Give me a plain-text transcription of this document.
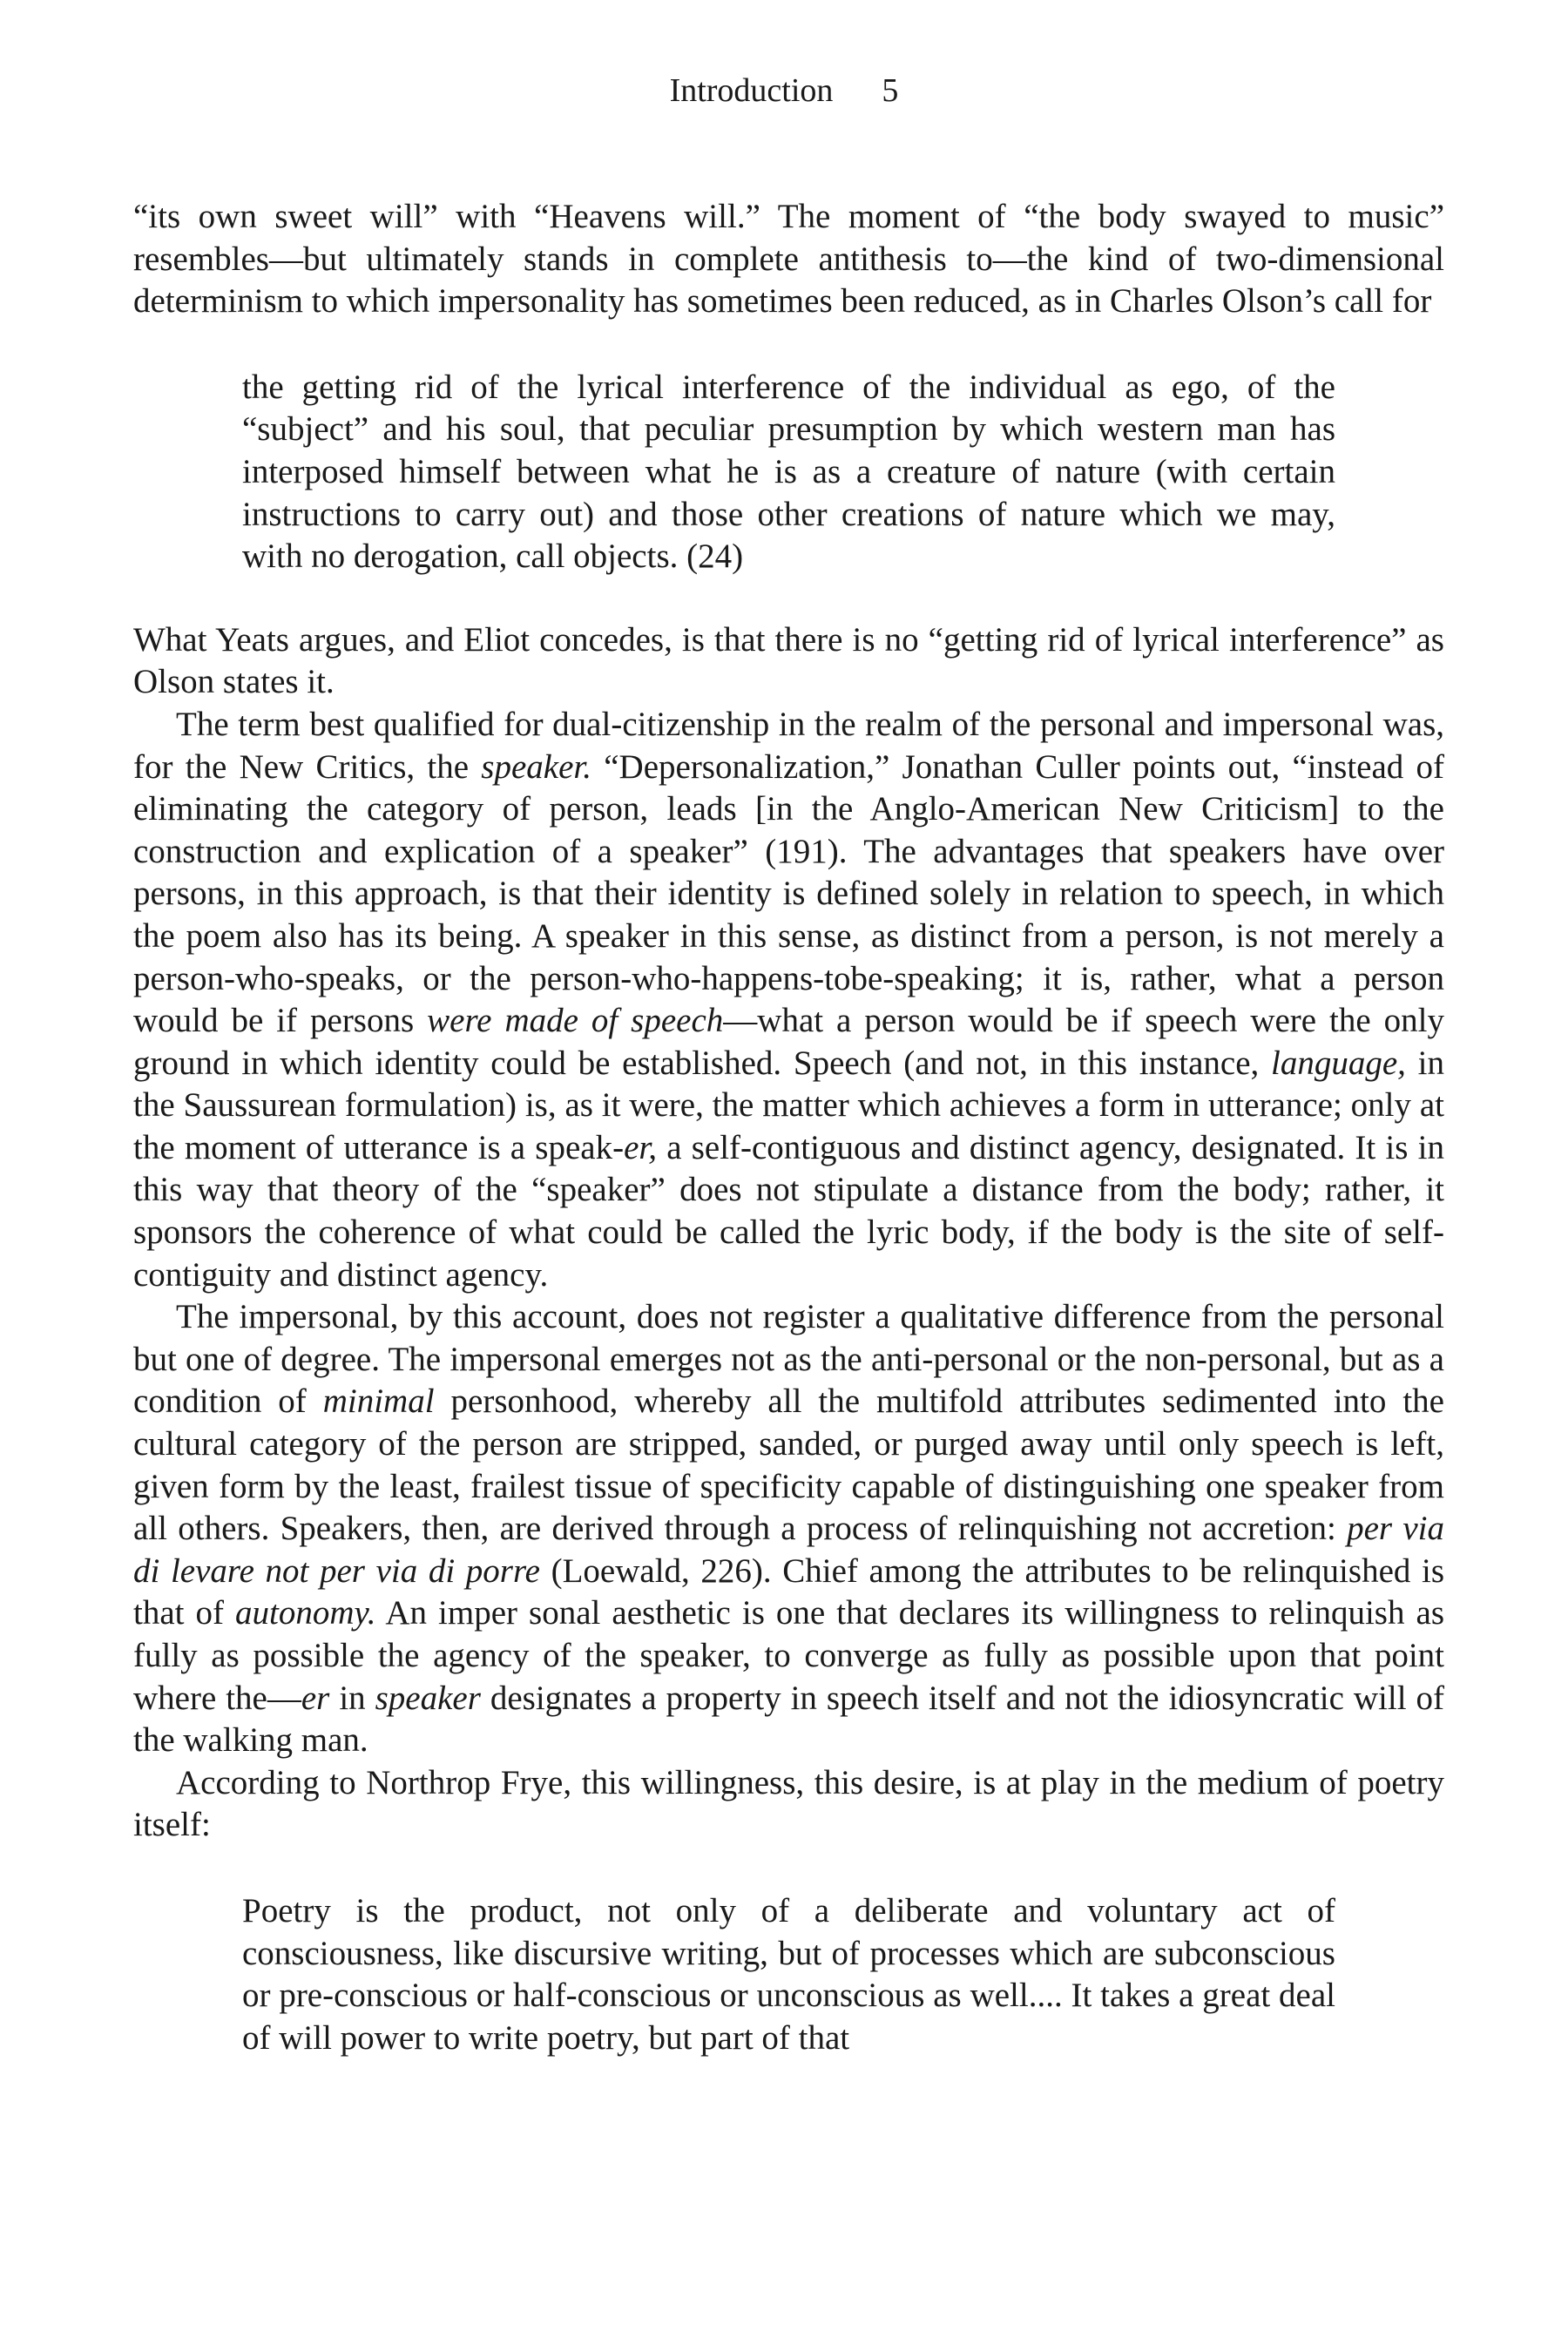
Introduction 5

“its own sweet will” with “Heavens will.” The moment of “the body swayed to music” resembles—but ultimately stands in complete antithesis to—the kind of two-dimensional determinism to which impersonality has sometimes been reduced, as in Charles Olson’s call for

the getting rid of the lyrical interference of the individual as ego, of the “subject” and his soul, that peculiar presumption by which western man has interposed himself between what he is as a creature of nature (with certain instructions to carry out) and those other creations of nature which we may, with no derogation, call objects. (24)

What Yeats argues, and Eliot concedes, is that there is no “getting rid of lyrical interference” as Olson states it.

The term best qualified for dual-citizenship in the realm of the personal and impersonal was, for the New Critics, the speaker. “Depersonalization,” Jonathan Culler points out, “instead of eliminating the category of person, leads [in the Anglo-American New Criticism] to the construction and explication of a speaker” (191). The advantages that speakers have over persons, in this approach, is that their identity is defined solely in relation to speech, in which the poem also has its being. A speaker in this sense, as distinct from a person, is not merely a person-who-speaks, or the person-who-happens-tobe-speaking; it is, rather, what a person would be if persons were made of speech—what a person would be if speech were the only ground in which identity could be established. Speech (and not, in this instance, language, in the Saussurean formulation) is, as it were, the matter which achieves a form in utterance; only at the moment of utterance is a speak-er, a self-contiguous and distinct agency, designated. It is in this way that theory of the “speaker” does not stipulate a distance from the body; rather, it sponsors the coherence of what could be called the lyric body, if the body is the site of self-contiguity and distinct agency.

The impersonal, by this account, does not register a qualitative difference from the personal but one of degree. The impersonal emerges not as the anti-personal or the non-personal, but as a condition of minimal personhood, whereby all the multifold attributes sedimented into the cultural category of the person are stripped, sanded, or purged away until only speech is left, given form by the least, frailest tissue of specificity capable of distinguishing one speaker from all others. Speakers, then, are derived through a process of relinquishing not accretion: per via di levare not per via di porre (Loewald, 226). Chief among the attributes to be relinquished is that of autonomy. An imper sonal aesthetic is one that declares its willingness to relinquish as fully as possible the agency of the speaker, to converge as fully as possible upon that point where the—er in speaker designates a property in speech itself and not the idiosyncratic will of the walking man.

According to Northrop Frye, this willingness, this desire, is at play in the medium of poetry itself:

Poetry is the product, not only of a deliberate and voluntary act of consciousness, like discursive writing, but of processes which are subconscious or pre-conscious or half-conscious or unconscious as well.... It takes a great deal of will power to write poetry, but part of that
